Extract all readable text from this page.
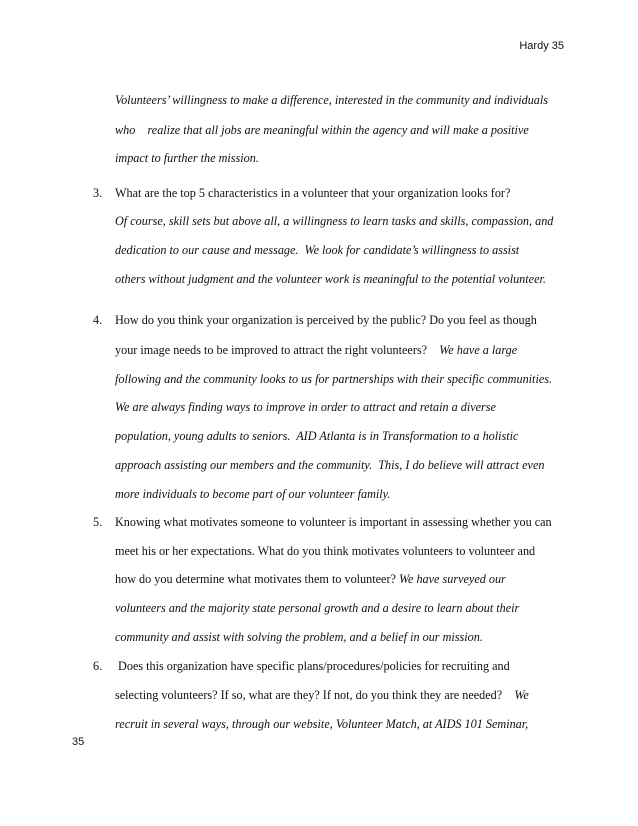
Hardy 35
Volunteers’ willingness to make a difference, interested in the community and individuals
who    realize that all jobs are meaningful within the agency and will make a positive
impact to further the mission.
3. What are the top 5 characteristics in a volunteer that your organization looks for?
Of course, skill sets but above all, a willingness to learn tasks and skills, compassion, and
dedication to our cause and message.  We look for candidate’s willingness to assist
others without judgment and the volunteer work is meaningful to the potential volunteer.
4. How do you think your organization is perceived by the public? Do you feel as though
your image needs to be improved to attract the right volunteers?    We have a large
following and the community looks to us for partnerships with their specific communities.
We are always finding ways to improve in order to attract and retain a diverse
population, young adults to seniors.  AID Atlanta is in Transformation to a holistic
approach assisting our members and the community.  This, I do believe will attract even
more individuals to become part of our volunteer family.
5. Knowing what motivates someone to volunteer is important in assessing whether you can
meet his or her expectations. What do you think motivates volunteers to volunteer and
how do you determine what motivates them to volunteer? We have surveyed our
volunteers and the majority state personal growth and a desire to learn about their
community and assist with solving the problem, and a belief in our mission.
6. Does this organization have specific plans/procedures/policies for recruiting and
selecting volunteers? If so, what are they? If not, do you think they are needed?    We
recruit in several ways, through our website, Volunteer Match, at AIDS 101 Seminar,
35
